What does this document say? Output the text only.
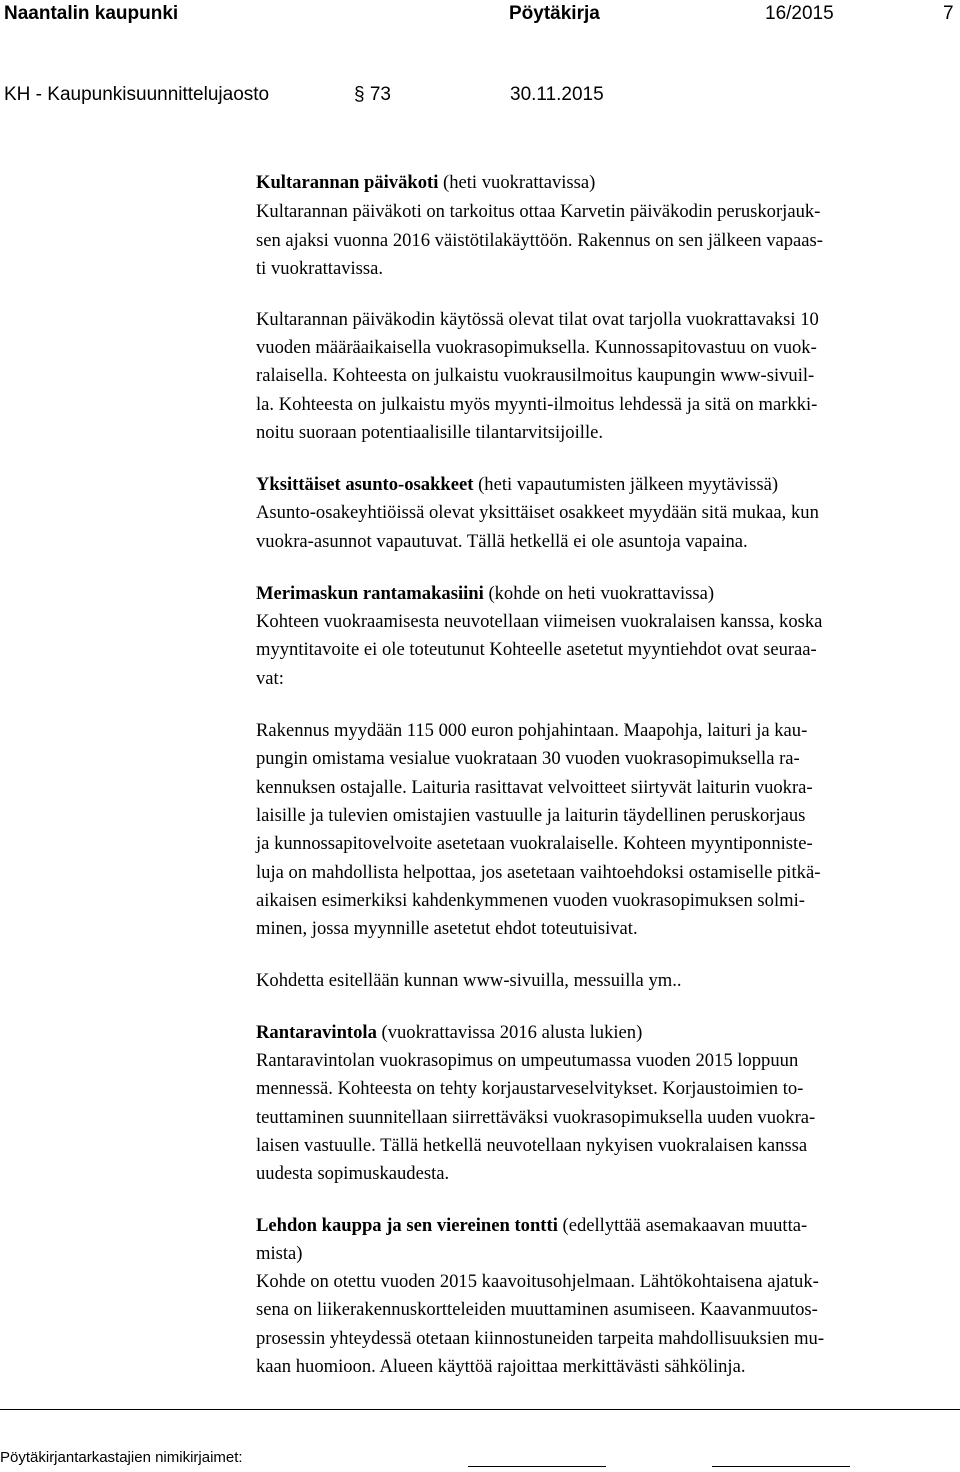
Naantalin kaupunki	Pöytäkirja	16/2015	7
KH - Kaupunkisuunnittelujaosto	§ 73	30.11.2015
Kultarannan päiväkoti (heti vuokrattavissa)
Kultarannan päiväkoti on tarkoitus ottaa Karvetin päiväkodin peruskorjauk-
sen ajaksi vuonna 2016 väistötilakäyttöön. Rakennus on sen jälkeen vapaas-
ti vuokrattavissa.
Kultarannan päiväkodin käytössä olevat tilat ovat tarjolla vuokrattavaksi 10
vuoden määräaikaisella vuokrasopimuksella. Kunnossapitovastuu on vuok-
ralaisella. Kohteesta on julkaistu vuokrausilmoitus kaupungin www-sivuil-
la. Kohteesta on julkaistu myös myynti-ilmoitus lehdessä ja sitä on markki-
noitu suoraan potentiaalisille tilantarvitsijoille.
Yksittäiset asunto-osakkeet (heti vapautumisten jälkeen myytävissä)
Asunto-osakeyhtiöissä olevat yksittäiset osakkeet myydään sitä mukaa, kun
vuokra-asunnot vapautuvat. Tällä hetkellä ei ole asuntoja vapaina.
Merimaskun rantamakasiini (kohde on heti vuokrattavissa)
Kohteen vuokraamisesta neuvotellaan viimeisen vuokralaisen kanssa, koska
myyntitavoite ei ole toteutunut Kohteelle asetetut myyntiehdot ovat seuraa-
vat:
Rakennus myydään 115 000 euron pohjahintaan. Maapohja, laituri ja kau-
pungin omistama vesialue vuokrataan 30 vuoden vuokrasopimuksella ra-
kennuksen ostajalle. Laituria rasittavat velvoitteet siirtyvät laiturin vuokra-
laisille ja tulevien omistajien vastuulle ja laiturin täydellinen peruskorjaus
ja kunnossapitovelvoite asetetaan vuokralaiselle. Kohteen myyntiponniste-
luja on mahdollista helpottaa, jos asetetaan vaihtoehdoksi ostamiselle pitkä-
aikaisen esimerkiksi kahdenkymmenen vuoden vuokrasopimuksen solmi-
minen, jossa myynnille asetetut ehdot toteutuisivat.
Kohdetta esitellään kunnan www-sivuilla, messuilla ym..
Rantaravintola (vuokrattavissa 2016 alusta lukien)
Rantaravintolan vuokrasopimus on umpeutumassa vuoden 2015 loppuun
mennessä. Kohteesta on tehty korjaustarveselvitykset. Korjaustoimien to-
teuttaminen suunnitellaan siirrettäväksi vuokrasopimuksella uuden vuokra-
laisen vastuulle. Tällä hetkellä neuvotellaan nykyisen vuokralaisen kanssa
uudesta sopimuskaudesta.
Lehdon kauppa ja sen viereinen tontti (edellyttää asemakaavan muutta-
mista)
Kohde on otettu vuoden 2015 kaavoitusohjelmaan. Lähtökohtaisena ajatuk-
sena on liikerakennuskortteleiden muuttaminen asumiseen. Kaavanmuutos-
prosessin yhteydessä otetaan kiinnostuneiden tarpeita mahdollisuuksien mu-
kaan huomioon. Alueen käyttöä rajoittaa merkittävästi sähkölinja.
Pöytäkirjantarkastajien nimikirjaimet:
